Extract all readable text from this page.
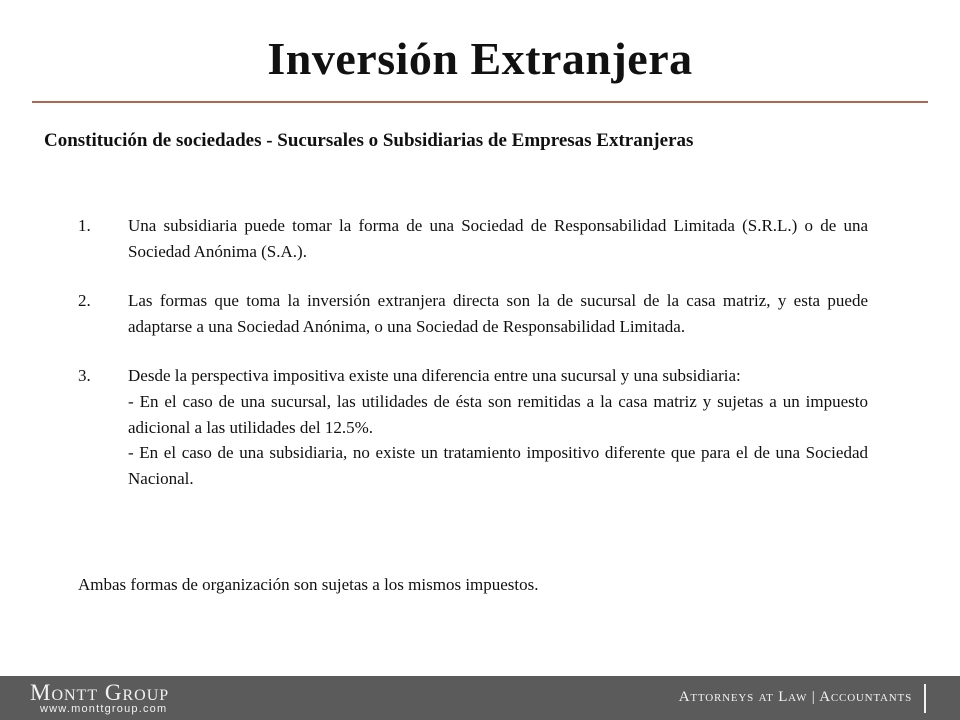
Inversión Extranjera
Constitución de sociedades - Sucursales o Subsidiarias de Empresas Extranjeras
1. Una subsidiaria puede tomar la forma de una Sociedad de Responsabilidad Limitada (S.R.L.) o de una Sociedad Anónima (S.A.).

2. Las formas que toma la inversión extranjera directa son la de sucursal de la casa matriz, y esta puede adaptarse a una Sociedad Anónima, o una Sociedad de Responsabilidad Limitada.

3. Desde la perspectiva impositiva existe una diferencia entre una sucursal y una subsidiaria:

- En el caso de una sucursal, las utilidades de ésta son remitidas a la casa matriz y sujetas a un impuesto adicional a las utilidades del 12.5%.

- En el caso de una subsidiaria, no existe un tratamiento impositivo diferente que para el de una Sociedad Nacional.

Ambas formas de organización son sujetas a los mismos impuestos.

Montt Group
www.monttgroup.com
Attorneys at Law | Accountants
